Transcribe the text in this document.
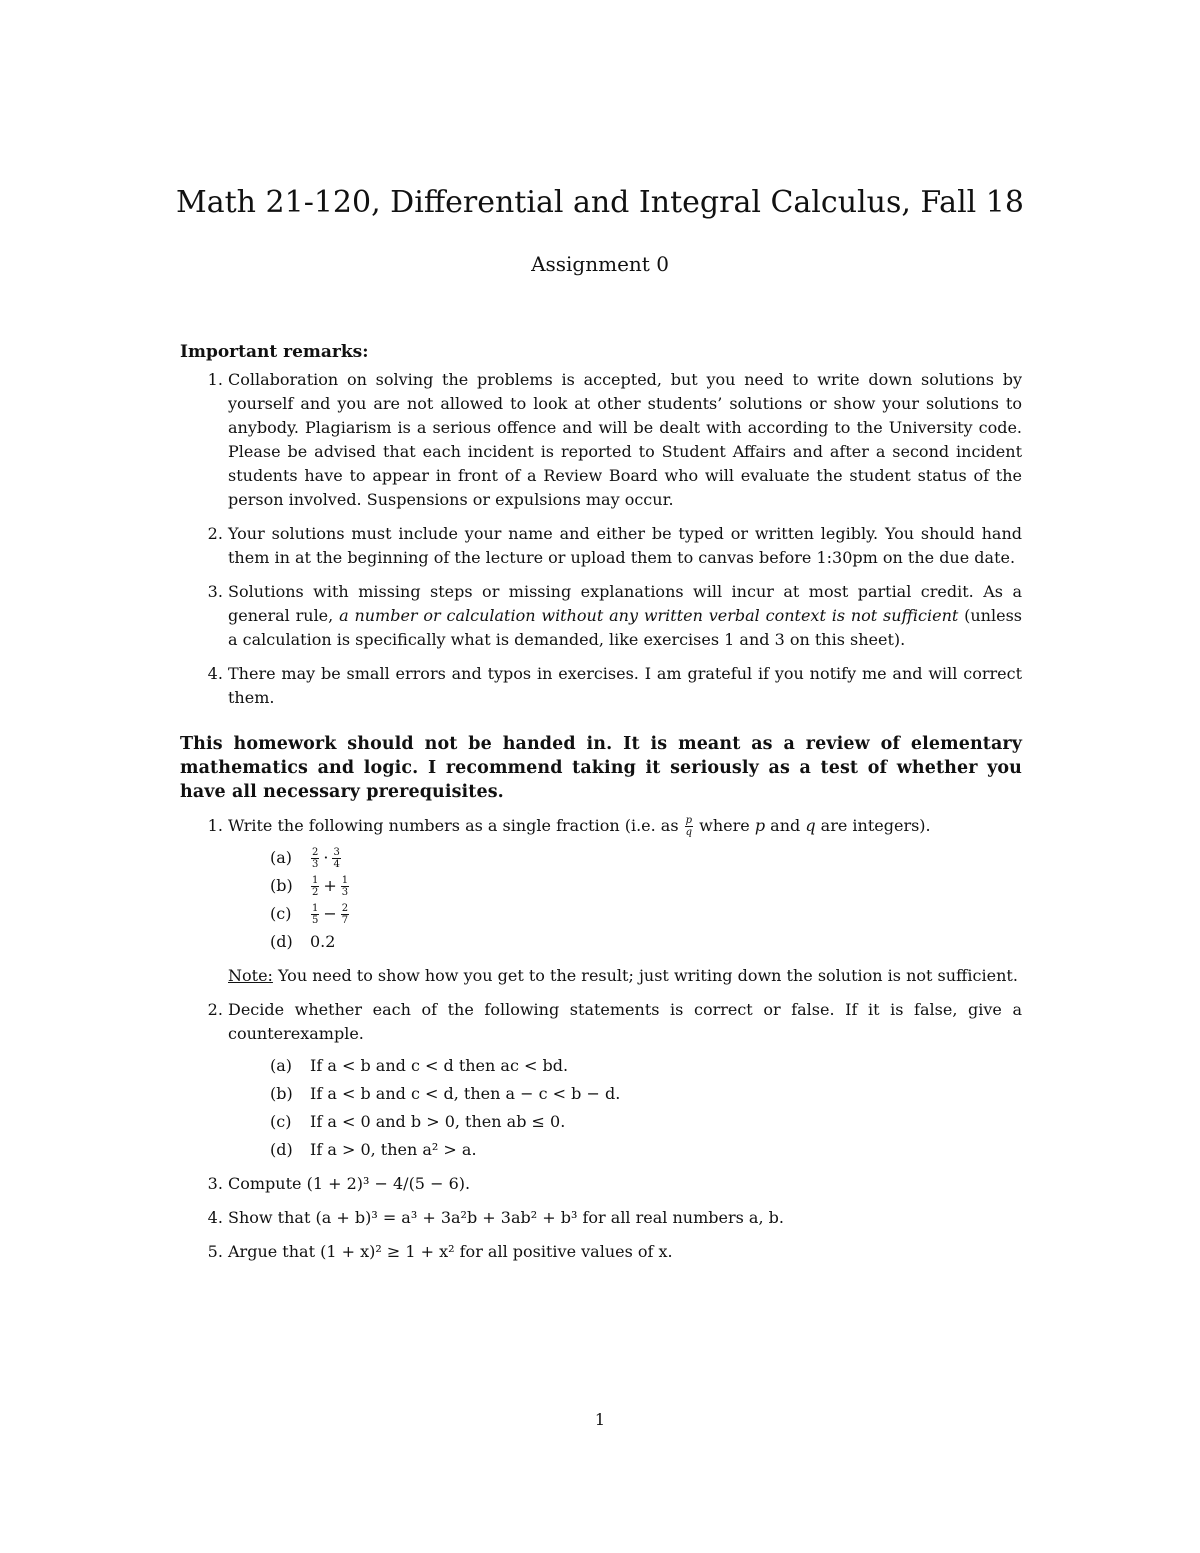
Math 21-120, Differential and Integral Calculus, Fall 18
Assignment 0
Important remarks:
1. Collaboration on solving the problems is accepted, but you need to write down solutions by yourself and you are not allowed to look at other students’ solutions or show your solutions to anybody. Plagiarism is a serious offence and will be dealt with according to the University code. Please be advised that each incident is reported to Student Affairs and after a second incident students have to appear in front of a Review Board who will evaluate the student status of the person involved. Suspensions or expulsions may occur.
2. Your solutions must include your name and either be typed or written legibly. You should hand them in at the beginning of the lecture or upload them to canvas before 1:30pm on the due date.
3. Solutions with missing steps or missing explanations will incur at most partial credit. As a general rule, a number or calculation without any written verbal context is not sufficient (unless a calculation is specifically what is demanded, like exercises 1 and 3 on this sheet).
4. There may be small errors and typos in exercises. I am grateful if you notify me and will correct them.
This homework should not be handed in. It is meant as a review of elementary mathematics and logic. I recommend taking it seriously as a test of whether you have all necessary prerequisites.
1. Write the following numbers as a single fraction (i.e. as $\frac{p}{q}$ where p and q are integers).
$(a) \frac{2}{3} \cdot \frac{3}{4}$
$(b) \frac{1}{2} + \frac{1}{3}$
$(c) \frac{1}{5} - \frac{2}{7}$
(d) 0.2
Note: You need to show how you get to the result; just writing down the solution is not sufficient.
2. Decide whether each of the following statements is correct or false. If it is false, give a counterexample.
(a) If a < b and c < d then ac < bd.
(b) If a < b and c < d, then a − c < b − d.
(c) If a < 0 and b > 0, then ab ≤ 0.
(d) If a > 0, then a² > a.
3. Compute (1 + 2)³ − 4/(5 − 6).
4. Show that (a + b)³ = a³ + 3a²b + 3ab² + b³ for all real numbers a, b.
5. Argue that (1 + x)² ≥ 1 + x² for all positive values of x.
1
